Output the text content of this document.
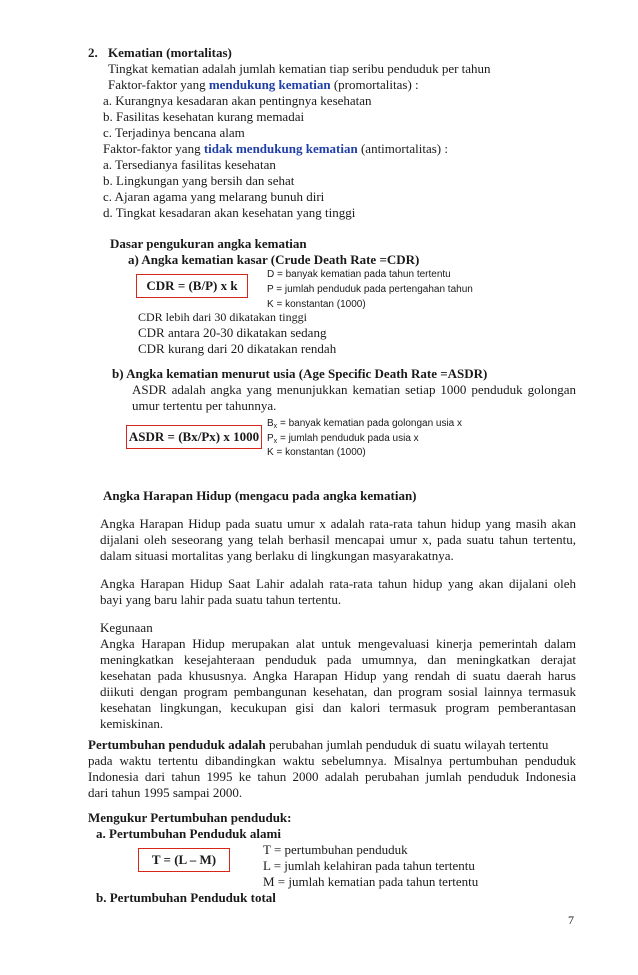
2. Kematian (mortalitas)
Tingkat kematian adalah jumlah kematian tiap seribu penduduk per tahun
Faktor-faktor yang mendukung kematian (promortalitas) :
a. Kurangnya kesadaran akan pentingnya kesehatan
b. Fasilitas kesehatan kurang memadai
c. Terjadinya bencana alam
Faktor-faktor yang tidak mendukung kematian (antimortalitas) :
a. Tersedianya fasilitas kesehatan
b. Lingkungan yang bersih dan sehat
c. Ajaran agama yang melarang bunuh diri
d. Tingkat kesadaran akan kesehatan yang tinggi
Dasar pengukuran angka kematian
a) Angka kematian kasar (Crude Death Rate =CDR)
CDR = (B/P) x k
D = banyak kematian pada tahun tertentu
P = jumlah penduduk pada pertengahan tahun
K = konstantan (1000)
CDR lebih dari 30 dikatakan tinggi
CDR antara 20-30 dikatakan sedang
CDR kurang dari 20 dikatakan rendah
b) Angka kematian menurut usia (Age Specific Death Rate =ASDR)
ASDR adalah angka yang menunjukkan kematian setiap 1000 penduduk golongan
umur tertentu per tahunnya.
ASDR = (Bx/Px) x 1000
$B_x$ = banyak kematian pada golongan usia x
$P_x$ = jumlah penduduk pada usia x
K = konstantan (1000)
Angka Harapan Hidup (mengacu pada angka kematian)
Angka Harapan Hidup pada suatu umur x adalah rata-rata tahun hidup yang masih akan
dijalani oleh seseorang yang telah berhasil mencapai umur x, pada suatu tahun tertentu,
dalam situasi mortalitas yang berlaku di lingkungan masyarakatnya.
Angka Harapan Hidup Saat Lahir adalah rata-rata tahun hidup yang akan dijalani oleh
bayi yang baru lahir pada suatu tahun tertentu.
Kegunaan
Angka Harapan Hidup merupakan alat untuk mengevaluasi kinerja pemerintah dalam
meningkatkan kesejahteraan penduduk pada umumnya, dan meningkatkan derajat
kesehatan pada khususnya. Angka Harapan Hidup yang rendah di suatu daerah harus
diikuti dengan program pembangunan kesehatan, dan program sosial lainnya termasuk
kesehatan lingkungan, kecukupan gisi dan kalori termasuk program pemberantasan
kemiskinan.
Pertumbuhan penduduk adalah perubahan jumlah penduduk di suatu wilayah tertentu
pada waktu tertentu dibandingkan waktu sebelumnya. Misalnya pertumbuhan penduduk
Indonesia dari tahun 1995 ke tahun 2000 adalah perubahan jumlah penduduk Indonesia
dari tahun 1995 sampai 2000.
Mengukur Pertumbuhan penduduk:
a. Pertumbuhan Penduduk alami
T = pertumbuhan penduduk
T = (L – M)	L = jumlah kelahiran pada tahun tertentu
M = jumlah kematian pada tahun tertentu
b. Pertumbuhan Penduduk total
7
